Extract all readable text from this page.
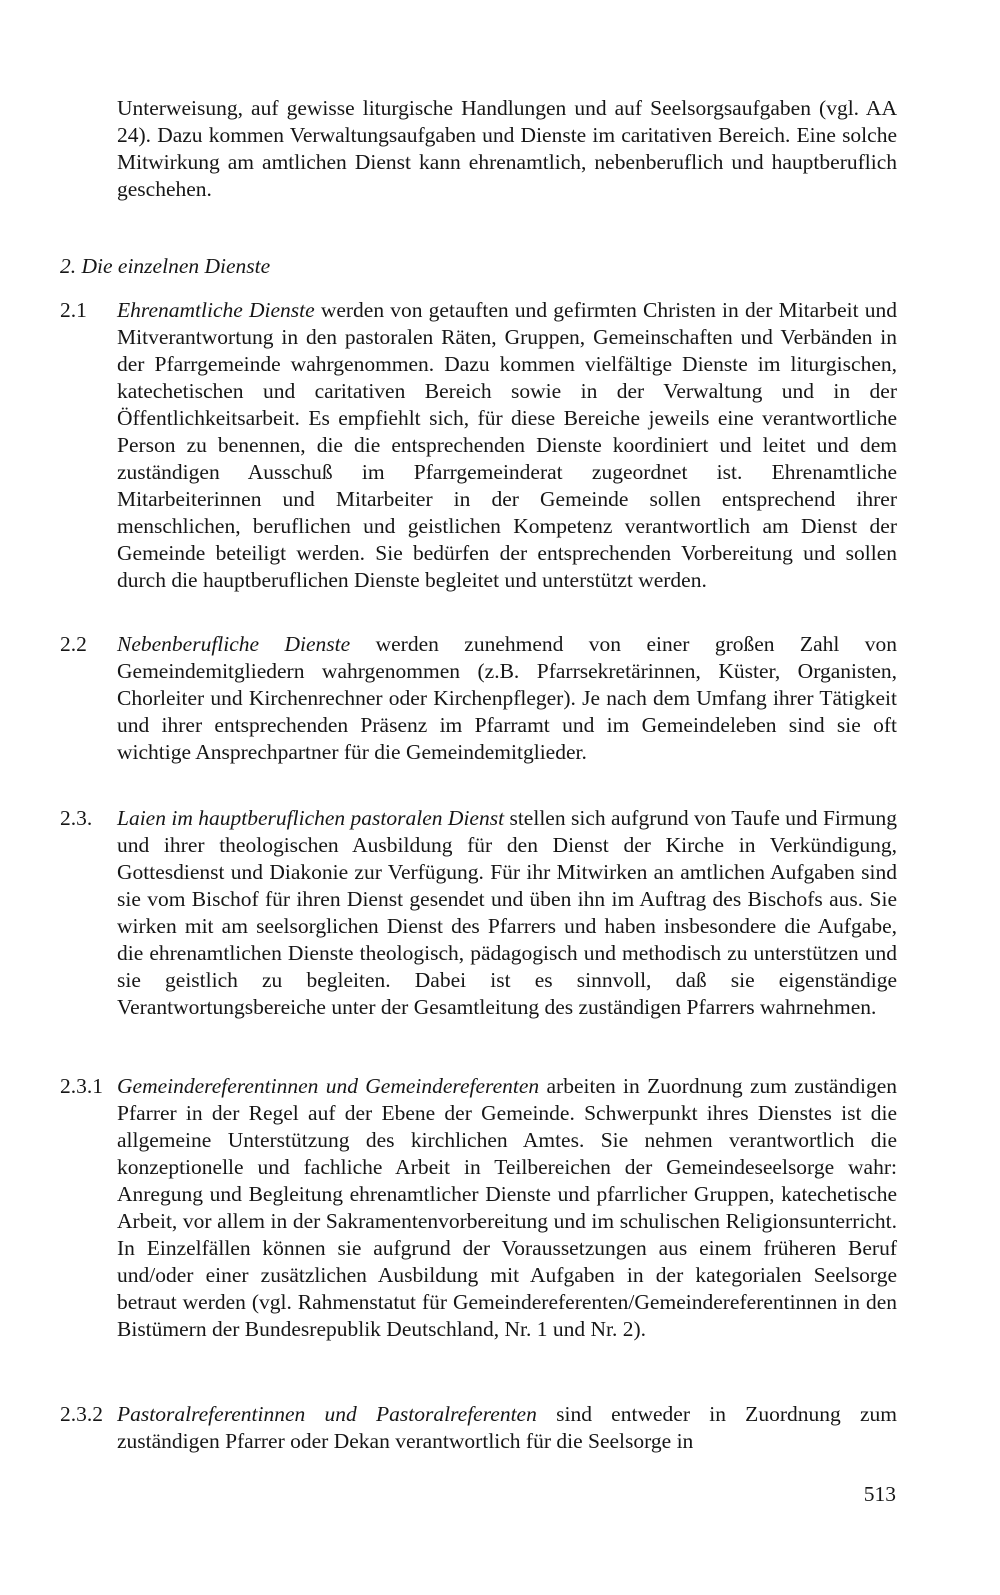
Unterweisung, auf gewisse liturgische Handlungen und auf Seelsorgsaufgaben (vgl. AA 24). Dazu kommen Verwaltungsaufgaben und Dienste im caritativen Bereich. Eine solche Mitwirkung am amtlichen Dienst kann ehrenamtlich, nebenberuflich und hauptberuflich geschehen.

2. Die einzelnen Dienste
2.1	Ehrenamtliche Dienste werden von getauften und gefirmten Christen in der Mitarbeit und Mitverantwortung in den pastoralen Räten, Gruppen, Gemeinschaften und Verbänden in der Pfarrgemeinde wahrgenommen. Dazu kommen vielfältige Dienste im liturgischen, katechetischen und caritativen Bereich sowie in der Verwaltung und in der Öffentlichkeitsarbeit. Es empfiehlt sich, für diese Bereiche jeweils eine verantwortliche Person zu benennen, die die entsprechenden Dienste koordiniert und leitet und dem zuständigen Ausschuß im Pfarrgemeinderat zugeordnet ist. Ehrenamtliche Mitarbeiterinnen und Mitarbeiter in der Gemeinde sollen entsprechend ihrer menschlichen, beruflichen und geistlichen Kompetenz verantwortlich am Dienst der Gemeinde beteiligt werden. Sie bedürfen der entsprechenden Vorbereitung und sollen durch die hauptberuflichen Dienste begleitet und unterstützt werden.
2.2	Nebenberufliche Dienste werden zunehmend von einer großen Zahl von Gemeindemitgliedern wahrgenommen (z.B. Pfarrsekretärinnen, Küster, Organisten, Chorleiter und Kirchenrechner oder Kirchenpfleger). Je nach dem Umfang ihrer Tätigkeit und ihrer entsprechenden Präsenz im Pfarramt und im Gemeindeleben sind sie oft wichtige Ansprechpartner für die Gemeindemitglieder.
2.3.	Laien im hauptberuflichen pastoralen Dienst stellen sich aufgrund von Taufe und Firmung und ihrer theologischen Ausbildung für den Dienst der Kirche in Verkündigung, Gottesdienst und Diakonie zur Verfügung. Für ihr Mitwirken an amtlichen Aufgaben sind sie vom Bischof für ihren Dienst gesendet und üben ihn im Auftrag des Bischofs aus. Sie wirken mit am seelsorglichen Dienst des Pfarrers und haben insbesondere die Aufgabe, die ehrenamtlichen Dienste theologisch, pädagogisch und methodisch zu unterstützen und sie geistlich zu begleiten. Dabei ist es sinnvoll, daß sie eigenständige Verantwortungsbereiche unter der Gesamtleitung des zuständigen Pfarrers wahrnehmen.
2.3.1 Gemeindereferentinnen und Gemeindereferenten arbeiten in Zuordnung zum zuständigen Pfarrer in der Regel auf der Ebene der Gemeinde. Schwerpunkt ihres Dienstes ist die allgemeine Unterstützung des kirchlichen Amtes. Sie nehmen verantwortlich die konzeptionelle und fachliche Arbeit in Teilbereichen der Gemeindeseelsorge wahr: Anregung und Begleitung ehrenamtlicher Dienste und pfarrlicher Gruppen, katechetische Arbeit, vor allem in der Sakramentenvorbereitung und im schulischen Religionsunterricht. In Einzelfällen können sie aufgrund der Voraussetzungen aus einem früheren Beruf und/oder einer zusätzlichen Ausbildung mit Aufgaben in der kategorialen Seelsorge betraut werden (vgl. Rahmenstatut für Gemeindereferenten/Gemeindereferentinnen in den Bistümern der Bundesrepublik Deutschland, Nr. 1 und Nr. 2).
2.3.2 Pastoralreferentinnen und Pastoralreferenten sind entweder in Zuordnung zum zuständigen Pfarrer oder Dekan verantwortlich für die Seelsorge in
513
